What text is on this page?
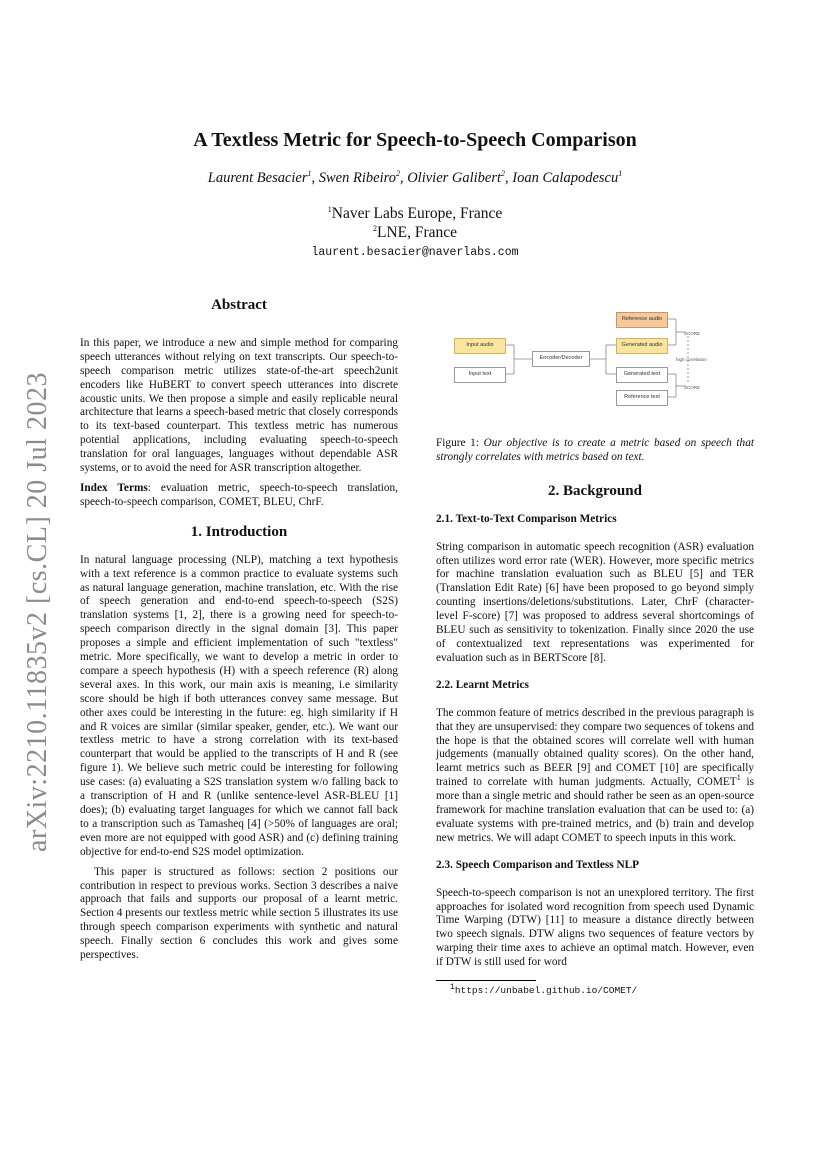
arXiv:2210.11835v2 [cs.CL] 20 Jul 2023
A Textless Metric for Speech-to-Speech Comparison
Laurent Besacier$^1$, Swen Ribeiro$^2$, Olivier Galibert$^2$, Ioan Calapodescu$^1$
$^1$Naver Labs Europe, France
$^2$LNE, France
laurent.besacier@naverlabs.com
Abstract

In this paper, we introduce a new and simple method for comparing speech utterances without relying on text transcripts. Our speech-to-speech comparison metric utilizes state-of-the-art speech2unit encoders like HuBERT to convert speech utterances into discrete acoustic units. We then propose a simple and easily replicable neural architecture that learns a speech-based metric that closely corresponds to its text-based counterpart. This textless metric has numerous potential applications, including evaluating speech-to-speech translation for oral languages, languages without dependable ASR systems, or to avoid the need for ASR transcription altogether.

Index Terms: evaluation metric, speech-to-speech translation, speech-to-speech comparison, COMET, BLEU, ChrF.

1. Introduction

In natural language processing (NLP), matching a text hypothesis with a text reference is a common practice to evaluate systems such as natural language generation, machine translation, etc. With the rise of speech generation and end-to-end speech-to-speech (S2S) translation systems [1, 2], there is a growing need for speech-to-speech comparison directly in the signal domain [3]. This paper proposes a simple and efficient implementation of such "textless" metric. More specifically, we want to develop a metric in order to compare a speech hypothesis (H) with a speech reference (R) along several axes. In this work, our main axis is meaning, i.e similarity score should be high if both utterances convey same message. But other axes could be interesting in the future: eg. high similarity if H and R voices are similar (similar speaker, gender, etc.). We want our textless metric to have a strong correlation with its text-based counterpart that would be applied to the transcripts of H and R (see figure 1). We believe such metric could be interesting for following use cases: (a) evaluating a S2S translation system w/o falling back to a transcription of H and R (unlike sentence-level ASR-BLEU [1] does); (b) evaluating target languages for which we cannot fall back to a transcription such as Tamasheq [4] (>50% of languages are oral; even more are not equipped with good ASR) and (c) defining training objective for end-to-end S2S model optimization.

This paper is structured as follows: section 2 positions our contribution in respect to previous works. Section 3 describes a naive approach that fails and supports our proposal of a learnt metric. Section 4 presents our textless metric while section 5 illustrates its use through speech comparison experiments with synthetic and natural speech. Finally section 6 concludes this work and gives some perspectives.

Input audio
Input text
Encoder/Decoder
Reference audio
Generated audio
Generated text
Reference text
SCORE
high correlation
SCORE

Figure 1: Our objective is to create a metric based on speech that strongly correlates with metrics based on text.

2. Background
2.1. Text-to-Text Comparison Metrics

String comparison in automatic speech recognition (ASR) evaluation often utilizes word error rate (WER). However, more specific metrics for machine translation evaluation such as BLEU [5] and TER (Translation Edit Rate) [6] have been proposed to go beyond simply counting insertions/deletions/substitutions. Later, ChrF (character-level F-score) [7] was proposed to address several shortcomings of BLEU such as sensitivity to tokenization. Finally since 2020 the use of contextualized text representations was experimented for evaluation such as in BERTScore [8].

2.2. Learnt Metrics

The common feature of metrics described in the previous paragraph is that they are unsupervised: they compare two sequences of tokens and the hope is that the obtained scores will correlate well with human judgements (manually obtained quality scores). On the other hand, learnt metrics such as BEER [9] and COMET [10] are specifically trained to correlate with human judgments. Actually, COMET$^1$ is more than a single metric and should rather be seen as an open-source framework for machine translation evaluation that can be used to: (a) evaluate systems with pre-trained metrics, and (b) train and develop new metrics. We will adapt COMET to speech inputs in this work.

2.3. Speech Comparison and Textless NLP

Speech-to-speech comparison is not an unexplored territory. The first approaches for isolated word recognition from speech used Dynamic Time Warping (DTW) [11] to measure a distance directly between two speech signals. DTW aligns two sequences of feature vectors by warping their time axes to achieve an optimal match. However, even if DTW is still used for word

$^1$https://unbabel.github.io/COMET/
